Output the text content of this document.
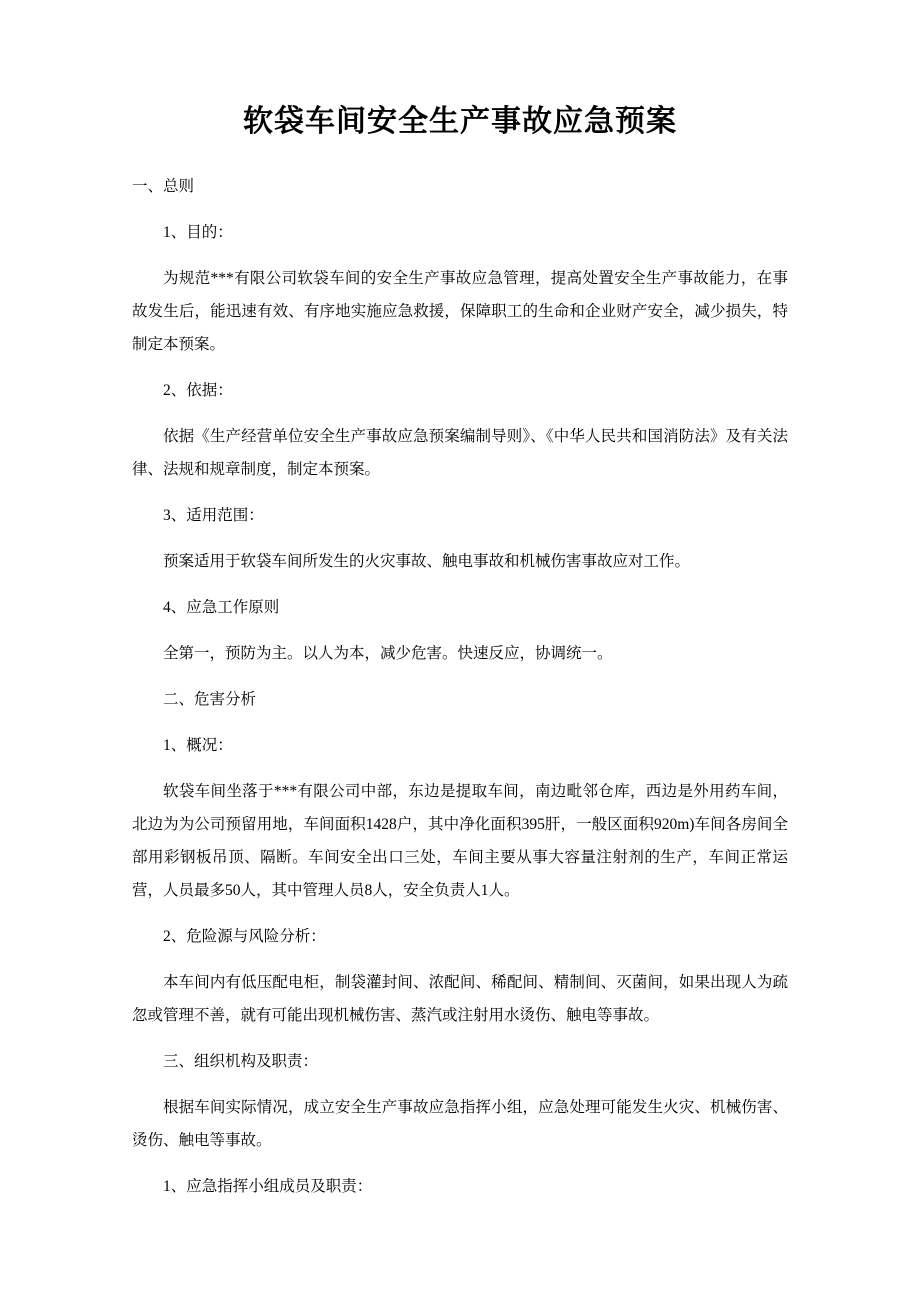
软袋车间安全生产事故应急预案

一、总则

1、目的：

为规范***有限公司软袋车间的安全生产事故应急管理，提高处置安全生产事故能力，在事故发生后，能迅速有效、有序地实施应急救援，保障职工的生命和企业财产安全，减少损失，特制定本预案。

2、依据：

依据《生产经营单位安全生产事故应急预案编制导则》、《中华人民共和国消防法》及有关法律、法规和规章制度，制定本预案。

3、适用范围：

预案适用于软袋车间所发生的火灾事故、触电事故和机械伤害事故应对工作。

4、应急工作原则

全第一，预防为主。以人为本，减少危害。快速反应，协调统一。

二、危害分析

1、概况：

软袋车间坐落于***有限公司中部，东边是提取车间，南边毗邻仓库，西边是外用药车间，北边为为公司预留用地，车间面积1428户，其中净化面积395肝，一般区面积920m)车间各房间全部用彩钢板吊顶、隔断。车间安全出口三处，车间主要从事大容量注射剂的生产，车间正常运营，人员最多50人，其中管理人员8人，安全负责人1人。

2、危险源与风险分析：

本车间内有低压配电柜，制袋灌封间、浓配间、稀配间、精制间、灭菌间，如果出现人为疏忽或管理不善，就有可能出现机械伤害、蒸汽或注射用水烫伤、触电等事故。

三、组织机构及职责：

根据车间实际情况，成立安全生产事故应急指挥小组，应急处理可能发生火灾、机械伤害、烫伤、触电等事故。

1、应急指挥小组成员及职责：
